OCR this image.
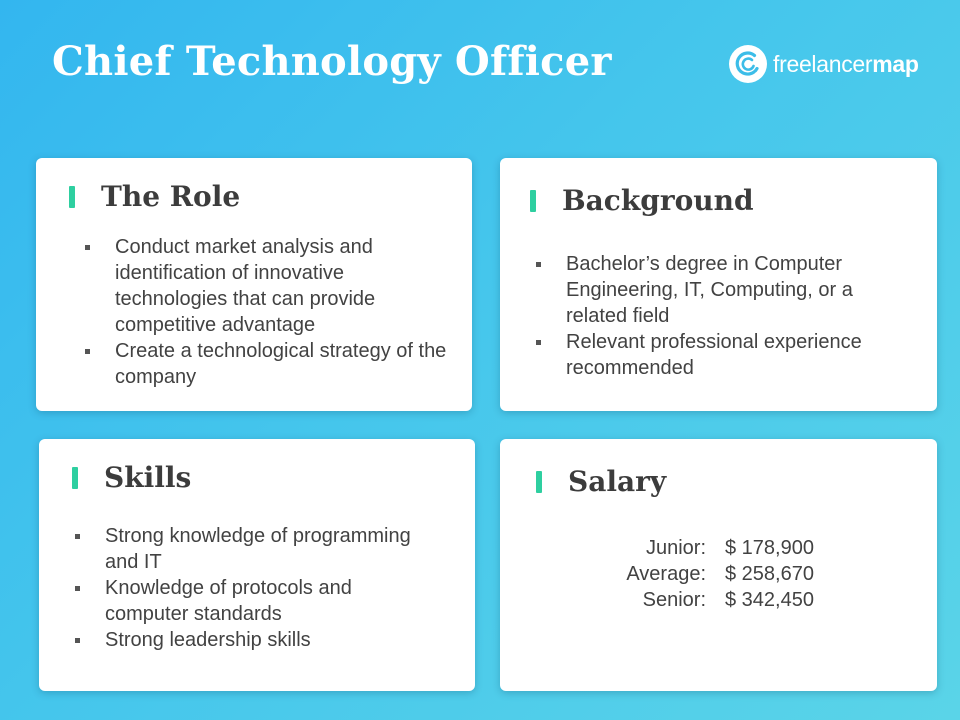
Chief Technology Officer	freelancermap
The Role
Conduct market analysis and identification of innovative technologies that can provide competitive advantage
Create a technological strategy of the company
Background
Bachelor’s degree in Computer Engineering, IT, Computing, or a related field
Relevant professional experience recommended
Skills
Strong knowledge of programming and IT
Knowledge of protocols and computer standards
Strong leadership skills
Salary
Junior:	$ 178,900
Average:	$ 258,670
Senior:	$ 342,450
